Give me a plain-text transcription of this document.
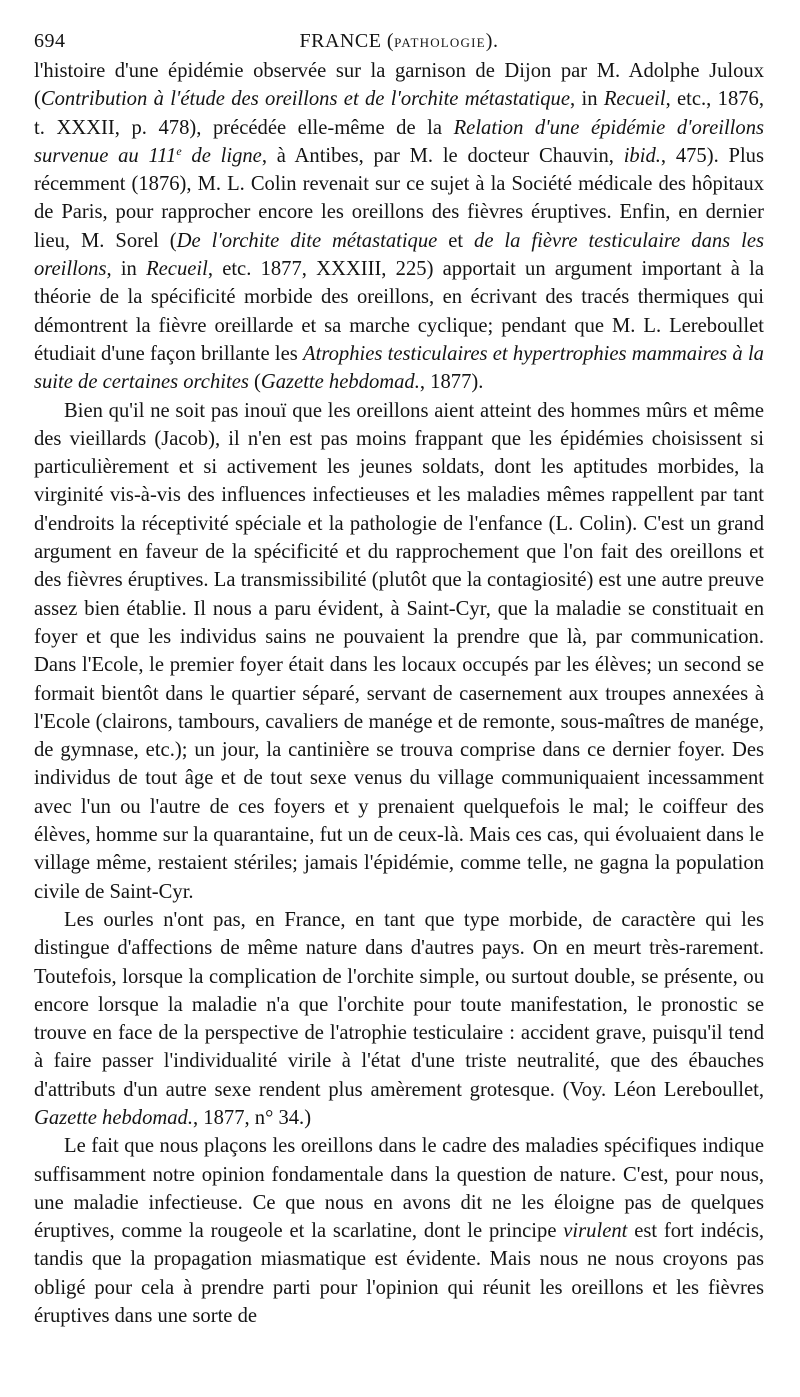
694	FRANCE (PATHOLOGIE).

l'histoire d'une épidémie observée sur la garnison de Dijon par M. Adolphe Juloux (Contribution à l'étude des oreillons et de l'orchite métastatique, in Recueil, etc., 1876, t. XXXII, p. 478), précédée elle-même de la Relation d'une épidémie d'oreillons survenue au 111e de ligne, à Antibes, par M. le docteur Chauvin, ibid., 475). Plus récemment (1876), M. L. Colin revenait sur ce sujet à la Société médicale des hôpitaux de Paris, pour rapprocher encore les oreillons des fièvres éruptives. Enfin, en dernier lieu, M. Sorel (De l'orchite dite métastatique et de la fièvre testiculaire dans les oreillons, in Recueil, etc. 1877, XXXIII, 225) apportait un argument important à la théorie de la spécificité morbide des oreillons, en écrivant des tracés thermiques qui démontrent la fièvre oreillarde et sa marche cyclique; pendant que M. L. Lereboullet étudiait d'une façon brillante les Atrophies testiculaires et hypertrophies mammaires à la suite de certaines orchites (Gazette hebdomad., 1877).

Bien qu'il ne soit pas inouï que les oreillons aient atteint des hommes mûrs et même des vieillards (Jacob), il n'en est pas moins frappant que les épidémies choisissent si particulièrement et si activement les jeunes soldats, dont les aptitudes morbides, la virginité vis-à-vis des influences infectieuses et les maladies mêmes rappellent par tant d'endroits la réceptivité spéciale et la pathologie de l'enfance (L. Colin). C'est un grand argument en faveur de la spécificité et du rapprochement que l'on fait des oreillons et des fièvres éruptives. La transmissibilité (plutôt que la contagiosité) est une autre preuve assez bien établie. Il nous a paru évident, à Saint-Cyr, que la maladie se constituait en foyer et que les individus sains ne pouvaient la prendre que là, par communication. Dans l'Ecole, le premier foyer était dans les locaux occupés par les élèves; un second se formait bientôt dans le quartier séparé, servant de casernement aux troupes annexées à l'Ecole (clairons, tambours, cavaliers de manége et de remonte, sous-maîtres de manége, de gymnase, etc.); un jour, la cantinière se trouva comprise dans ce dernier foyer. Des individus de tout âge et de tout sexe venus du village communiquaient incessamment avec l'un ou l'autre de ces foyers et y prenaient quelquefois le mal; le coiffeur des élèves, homme sur la quarantaine, fut un de ceux-là. Mais ces cas, qui évoluaient dans le village même, restaient stériles; jamais l'épidémie, comme telle, ne gagna la population civile de Saint-Cyr.

Les ourles n'ont pas, en France, en tant que type morbide, de caractère qui les distingue d'affections de même nature dans d'autres pays. On en meurt très-rarement. Toutefois, lorsque la complication de l'orchite simple, ou surtout double, se présente, ou encore lorsque la maladie n'a que l'orchite pour toute manifestation, le pronostic se trouve en face de la perspective de l'atrophie testiculaire : accident grave, puisqu'il tend à faire passer l'individualité virile à l'état d'une triste neutralité, que des ébauches d'attributs d'un autre sexe rendent plus amèrement grotesque. (Voy. Léon Lereboullet, Gazette hebdomad., 1877, n° 34.)

Le fait que nous plaçons les oreillons dans le cadre des maladies spécifiques indique suffisamment notre opinion fondamentale dans la question de nature. C'est, pour nous, une maladie infectieuse. Ce que nous en avons dit ne les éloigne pas de quelques éruptives, comme la rougeole et la scarlatine, dont le principe virulent est fort indécis, tandis que la propagation miasmatique est évidente. Mais nous ne nous croyons pas obligé pour cela à prendre parti pour l'opinion qui réunit les oreillons et les fièvres éruptives dans une sorte de
